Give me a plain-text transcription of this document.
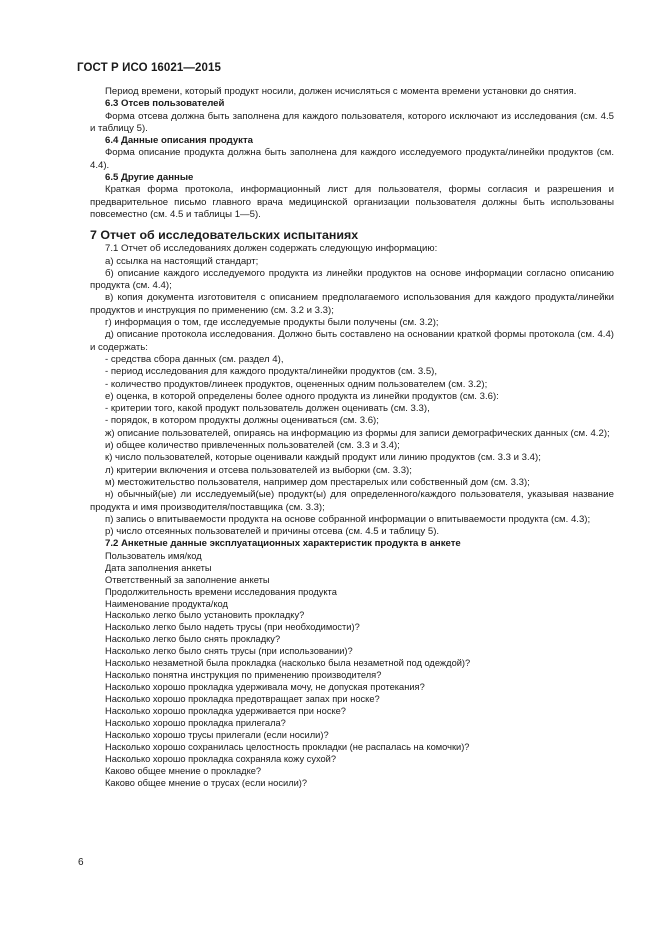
ГОСТ Р ИСО 16021—2015

Период времени, который продукт носили, должен исчисляться с момента времени установки до снятия.

6.3 Отсев пользователей

Форма отсева должна быть заполнена для каждого пользователя, которого исключают из исследования (см. 4.5 и таблицу 5).

6.4 Данные описания продукта

Форма описание продукта должна быть заполнена для каждого исследуемого продукта/линейки продуктов (см. 4.4).

6.5 Другие данные

Краткая форма протокола, информационный лист для пользователя, формы согласия и разрешения и предварительное письмо главного врача медицинской организации пользователя должны быть использованы повсеместно (см. 4.5 и таблицы 1—5).

7 Отчет об исследовательских испытаниях

7.1 Отчет об исследованиях должен содержать следующую информацию:

а) ссылка на настоящий стандарт;

б) описание каждого исследуемого продукта из линейки продуктов на основе информации согласно описанию продукта (см. 4.4);

в) копия документа изготовителя с описанием предполагаемого использования для каждого продукта/линейки продуктов и инструкция по применению (см. 3.2 и 3.3);

г) информация о том, где исследуемые продукты были получены (см. 3.2);

д) описание протокола исследования. Должно быть составлено на основании краткой формы протокола (см. 4.4) и содержать:

- средства сбора данных (см. раздел 4),

- период исследования для каждого продукта/линейки продуктов (см. 3.5),

- количество продуктов/линеек продуктов, оцененных одним пользователем (см. 3.2);

е) оценка, в которой определены более одного продукта из линейки продуктов (см. 3.6):

- критерии того, какой продукт пользователь должен оценивать (см. 3.3),

- порядок, в котором продукты должны оцениваться (см. 3.6);

ж) описание пользователей, опираясь на информацию из формы для записи демографических данных (см. 4.2);

и) общее количество привлеченных пользователей (см. 3.3 и 3.4);

к) число пользователей, которые оценивали каждый продукт или линию продуктов (см. 3.3 и 3.4);

л) критерии включения и отсева пользователей из выборки (см. 3.3);

м) местожительство пользователя, например дом престарелых или собственный дом (см. 3.3);

н) обычный(ые) ли исследуемый(ые) продукт(ы) для определенного/каждого пользователя, указывая название продукта и имя производителя/поставщика (см. 3.3);

п) запись о впитываемости продукта на основе собранной информации о впитываемости продукта (см. 4.3);

р) число отсеянных пользователей и причины отсева (см. 4.5 и таблицу 5).

7.2 Анкетные данные эксплуатационных характеристик продукта в анкете

Пользователь имя/код

Дата заполнения анкеты

Ответственный за заполнение анкеты

Продолжительность времени исследования продукта

Наименование продукта/код

Насколько легко было установить прокладку?

Насколько легко было надеть трусы (при необходимости)?

Насколько легко было снять прокладку?

Насколько легко было снять трусы (при использовании)?

Насколько незаметной была прокладка (насколько была незаметной под одеждой)?

Насколько понятна инструкция по применению производителя?

Насколько хорошо прокладка удерживала мочу, не допуская протекания?

Насколько хорошо прокладка предотвращает запах при носке?

Насколько хорошо прокладка удерживается при носке?

Насколько хорошо прокладка прилегала?

Насколько хорошо трусы прилегали (если носили)?

Насколько хорошо сохранилась целостность прокладки (не распалась на комочки)?

Насколько хорошо прокладка сохраняла кожу сухой?

Каково общее мнение о прокладке?

Каково общее мнение о трусах (если носили)?

6
